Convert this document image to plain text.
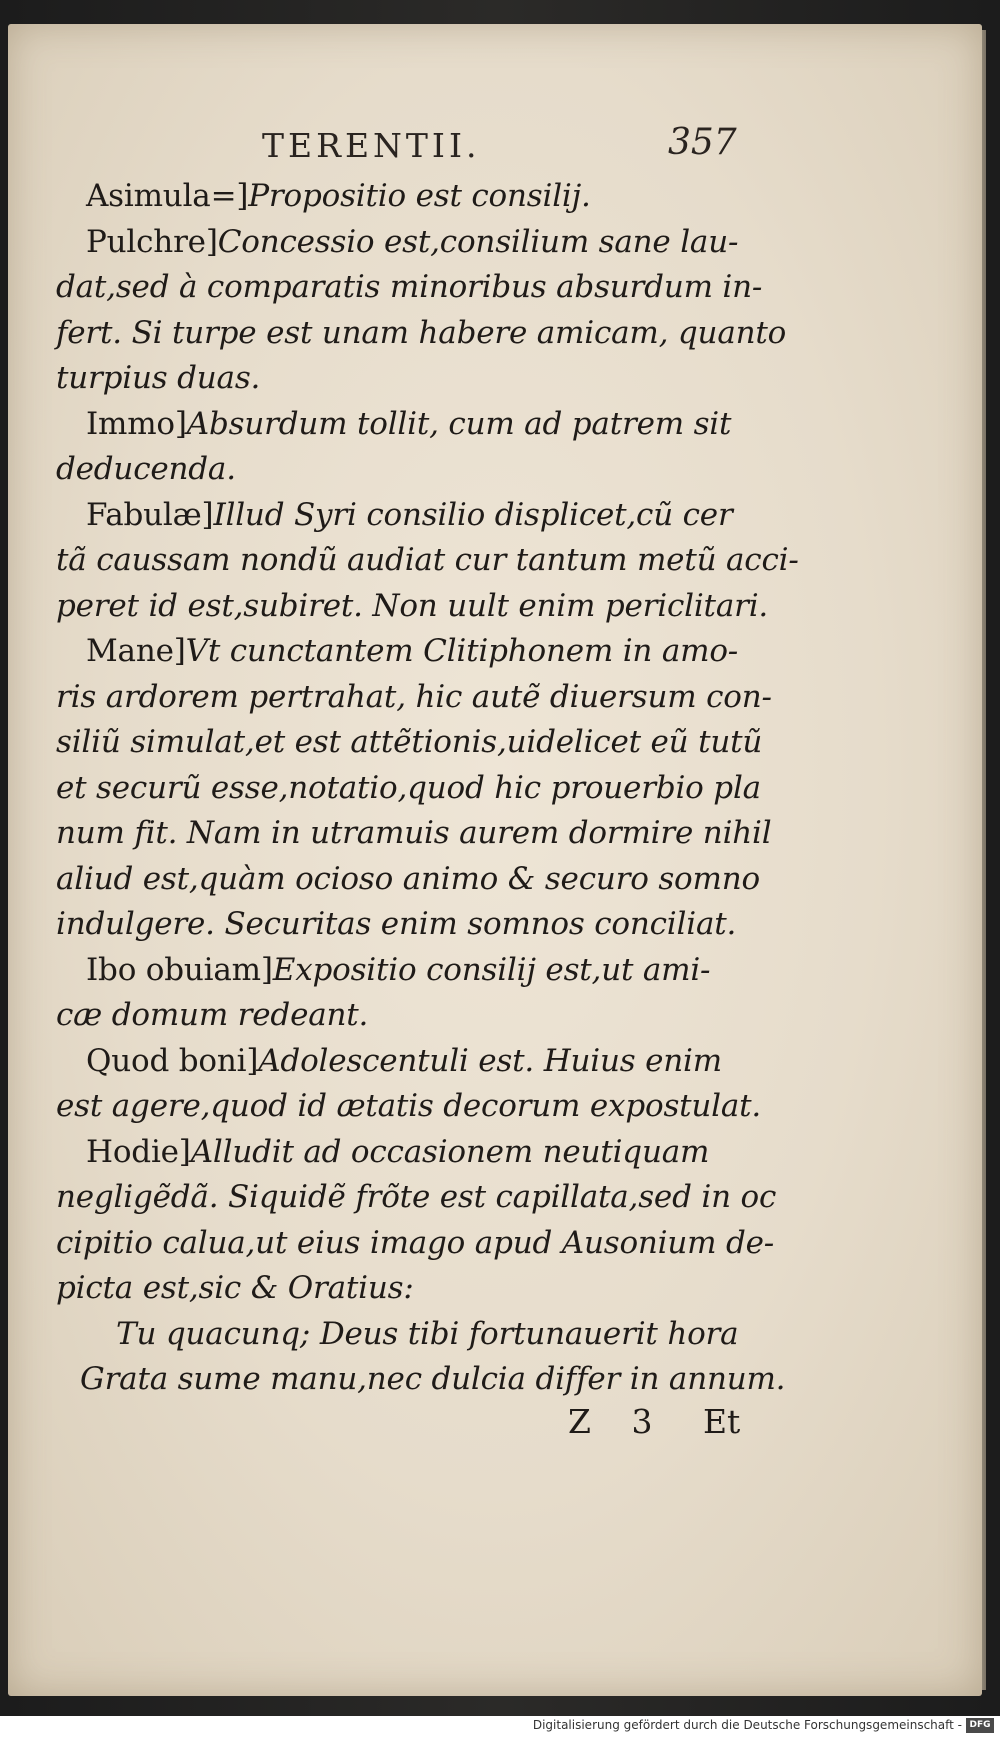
TERENTII.	357
Asimula=]Propositio est consilij.
Pulchre]Concessio est,consilium sane lau-
dat,sed à comparatis minoribus absurdum in-
fert. Si turpe est unam habere amicam, quanto
turpius duas.
Immo]Absurdum tollit, cum ad patrem sit
deducenda.
Fabulæ]Illud Syri consilio displicet,cũ cer
tã caussam nondũ audiat cur tantum metũ acci-
peret id est,subiret. Non uult enim periclitari.
Mane]Vt cunctantem Clitiphonem in amo-
ris ardorem pertrahat, hic autẽ diuersum con-
siliũ simulat,et est attẽtionis,uidelicet eũ tutũ
et securũ esse,notatio,quod hic prouerbio pla
num fit. Nam in utramuis aurem dormire nihil
aliud est,quàm ocioso animo & securo somno
indulgere. Securitas enim somnos conciliat.
Ibo obuiam]Expositio consilij est,ut ami-
cæ domum redeant.
Quod boni]Adolescentuli est. Huius enim
est agere,quod id ætatis decorum expostulat.
Hodie]Alludit ad occasionem neutiquam
negligẽdã. Siquidẽ frõte est capillata,sed in oc
cipitio calua,ut eius imago apud Ausonium de-
picta est,sic & Oratius:
Tu quacunq; Deus tibi fortunauerit hora
Grata sume manu,nec dulcia differ in annum.
Z 3 Et
Digitalisierung gefördert durch die Deutsche Forschungsgemeinschaft - DFG
